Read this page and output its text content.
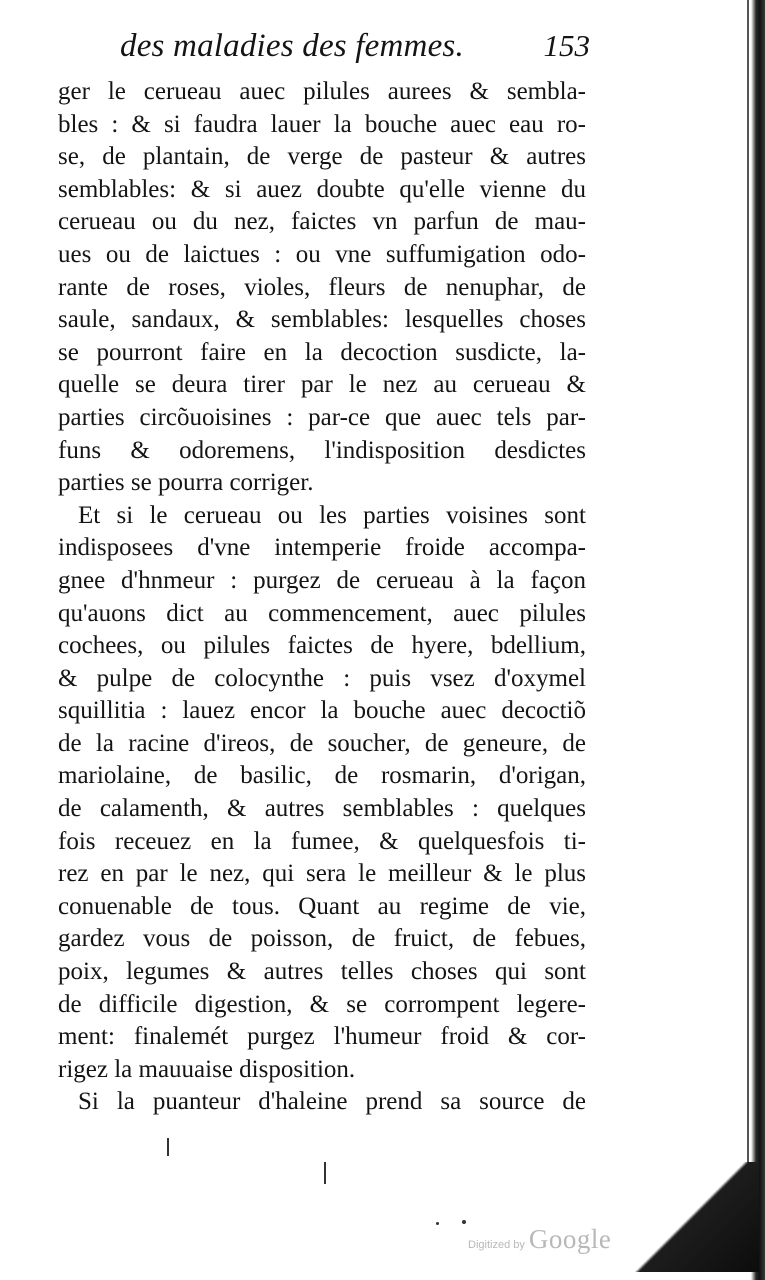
des maladies des femmes.	153
ger le cerueau auec pilules aurees & sembla-
bles : & si faudra lauer la bouche auec eau ro-
se, de plantain, de verge de pasteur & autres
semblables: & si auez doubte qu'elle vienne du
cerueau ou du nez, faictes vn parfun de mau-
ues ou de laictues : ou vne suffumigation odo-
rante de roses, violes, fleurs de nenuphar, de
saule, sandaux, & semblables: lesquelles choses
se pourront faire en la decoction susdicte, la-
quelle se deura tirer par le nez au cerueau &
parties circõuoisines : par-ce que auec tels par-
funs & odoremens, l'indisposition desdictes
parties se pourra corriger.
Et si le cerueau ou les parties voisines sont
indisposees d'vne intemperie froide accompa-
gnee d'hnmeur : purgez de cerueau à la façon
qu'auons dict au commencement, auec pilules
cochees, ou pilules faictes de hyere, bdellium,
& pulpe de colocynthe : puis vsez d'oxymel
squillitia : lauez encor la bouche auec decoctiõ
de la racine d'ireos, de soucher, de geneure, de
mariolaine, de basilic, de rosmarin, d'origan,
de calamenth, & autres semblables : quelques
fois receuez en la fumee, & quelquesfois ti-
rez en par le nez, qui sera le meilleur & le plus
conuenable de tous. Quant au regime de vie,
gardez vous de poisson, de fruict, de febues,
poix, legumes & autres telles choses qui sont
de difficile digestion, & se corrompent legere-
ment: finalemét purgez l'humeur froid & cor-
rigez la mauuaise disposition.
Si la puanteur d'haleine prend sa source de
Digitized by Google
